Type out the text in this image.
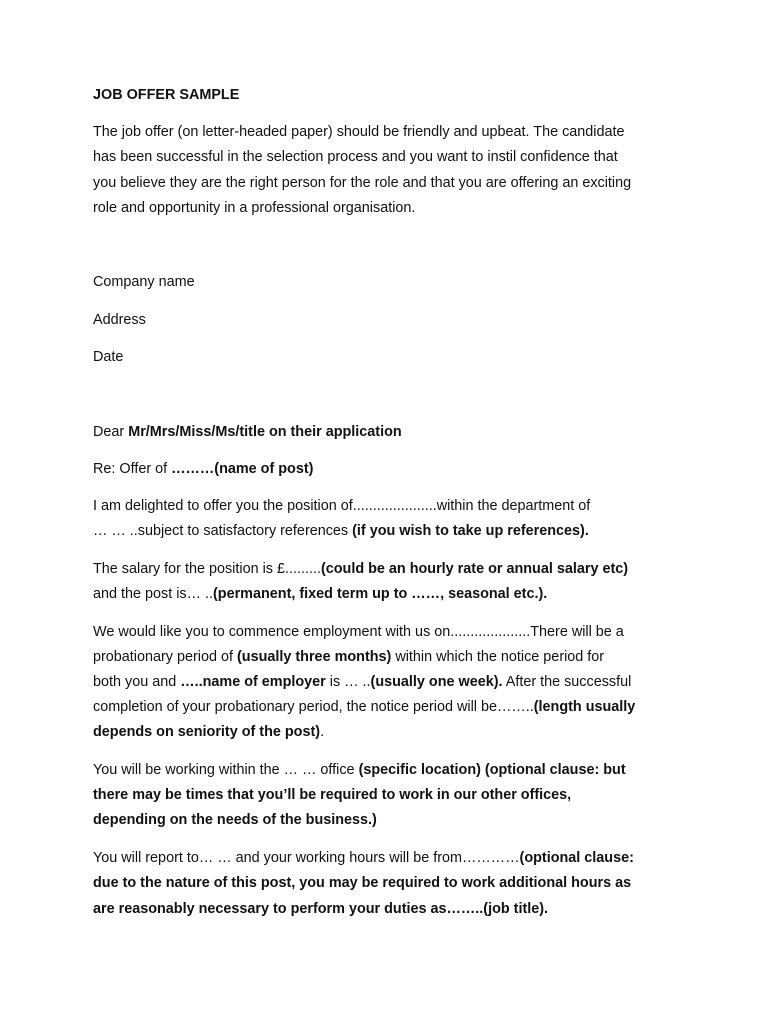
JOB OFFER SAMPLE
The job offer (on letter-headed paper) should be friendly and upbeat. The candidate
has been successful in the selection process and you want to instil confidence that
you believe they are the right person for the role and that you are offering an exciting
role and opportunity in a professional organisation.
Company name
Address
Date
Dear Mr/Mrs/Miss/Ms/title on their application
Re: Offer of ………(name of post)
I am delighted to offer you the position of.....................within the department of
… … ..subject to satisfactory references (if you wish to take up references).
The salary for the position is £.........(could be an hourly rate or annual salary etc)
and the post is… ..(permanent, fixed term up to ……, seasonal etc.).
We would like you to commence employment with us on....................There will be a
probationary period of (usually three months) within which the notice period for
both you and …..name of employer is … ..(usually one week). After the successful
completion of your probationary period, the notice period will be……..(length usually
depends on seniority of the post).
You will be working within the … … office (specific location) (optional clause: but
there may be times that you’ll be required to work in our other offices,
depending on the needs of the business.)
You will report to… … and your working hours will be from…………(optional clause:
due to the nature of this post, you may be required to work additional hours as
are reasonably necessary to perform your duties as……..(job title).
